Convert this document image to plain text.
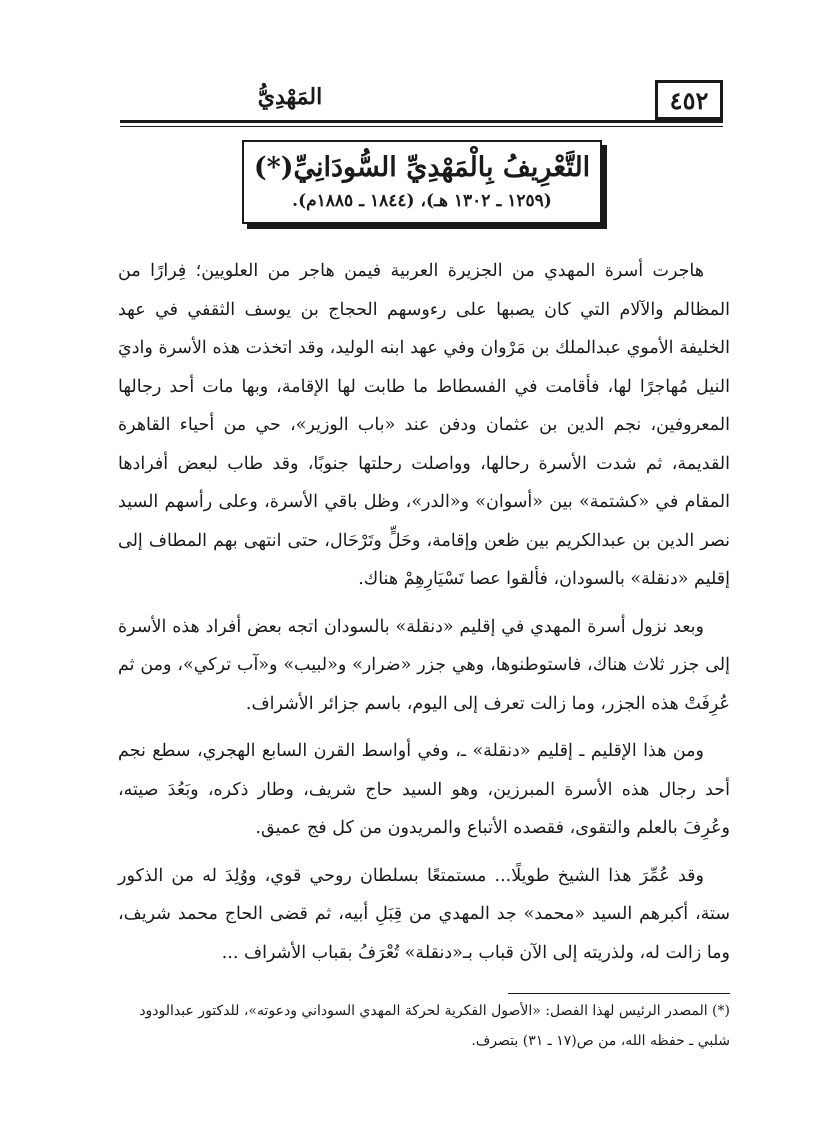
٤٥٢
المَهْدِيُّ
التَّعْرِيفُ بِالْمَهْدِيِّ السُّودَانِيِّ(*)
(١٢٥٩ ـ ١٣٠٢ هـ)، (١٨٤٤ ـ ١٨٨٥م).

هاجرت أسرة المهدي من الجزيرة العربية فيمن هاجر من العلويين؛ فِرارًا من المظالم والآلام التي كان يصبها على رءوسهم الحجاج بن يوسف الثقفي في عهد الخليفة الأموي عبدالملك بن مَرْوان وفي عهد ابنه الوليد، وقد اتخذت هذه الأسرة واديَ النيل مُهاجرًا لها، فأقامت في الفسطاط ما طابت لها الإقامة، وبها مات أحد رجالها المعروفين، نجم الدين بن عثمان ودفن عند «باب الوزير»، حي من أحياء القاهرة القديمة، ثم شدت الأسرة رحالها، وواصلت رحلتها جنوبًا، وقد طاب لبعض أفرادها المقام في «كشتمة» بين «أسوان» و«الدر»، وظل باقي الأسرة، وعلى رأسهم السيد نصر الدين بن عبدالكريم بين ظعن وإقامة، وحَلٍّ وتَرْحَال، حتى انتهى بهم المطاف إلى إقليم «دنقلة» بالسودان، فألقوا عصا تَسْيَارِهِمْ هناك.

وبعد نزول أسرة المهدي في إقليم «دنقلة» بالسودان اتجه بعض أفراد هذه الأسرة إلى جزر ثلاث هناك، فاستوطنوها، وهي جزر «ضرار» و«لبيب» و«آب تركي»، ومن ثم عُرِفَتْ هذه الجزر، وما زالت تعرف إلى اليوم، باسم جزائر الأشراف.

ومن هذا الإقليم ـ إقليم «دنقلة» ـ، وفي أواسط القرن السابع الهجري، سطع نجم أحد رجال هذه الأسرة المبرزين، وهو السيد حاج شريف، وطار ذكره، وبَعُدَ صيته، وعُرِفَ بالعلم والتقوى، فقصده الأتباع والمريدون من كل فج عميق.

وقد عُمِّرَ هذا الشيخ طويلًا... مستمتعًا بسلطان روحي قوي، ووُلِدَ له من الذكور ستة، أكبرهم السيد «محمد» جد المهدي من قِبَلِ أبيه، ثم قضى الحاج محمد شريف، وما زالت له، ولذريته إلى الآن قباب بـ«دنقلة» تُعْرَفُ بقباب الأشراف ...

(*) المصدر الرئيس لهذا الفصل: «الأصول الفكرية لحركة المهدي السوداني ودعوته»، للدكتور عبدالودود
شلبي ـ حفظه الله، من ص(١٧ ـ ٣١) بتصرف.
